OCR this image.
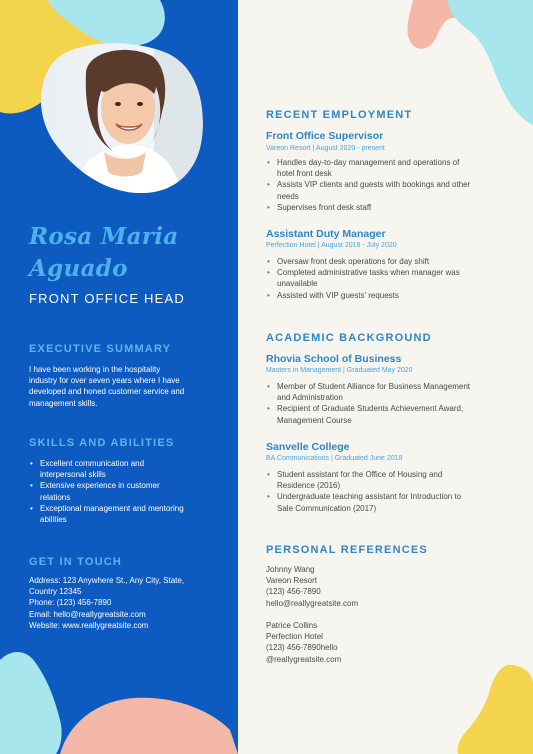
Rosa Maria
Aguado
FRONT OFFICE HEAD
EXECUTIVE SUMMARY
I have been working in the hospitality
industry for over seven years where I have
developed and honed customer service and
management skills.
SKILLS AND ABILITIES
• Excellent communication and
interpersonal skills
• Extensive experience in customer
relations
• Exceptional management and mentoring
abilities
GET IN TOUCH
Address: 123 Anywhere St., Any City, State,
Country 12345
Phone: (123) 456-7890
Email: hello@reallygreatsite.com
Website: www.reallygreatsite.com
RECENT EMPLOYMENT
Front Office Supervisor
Vareon Resort | August 2020 - present
• Handles day-to-day management and operations of
hotel front desk
• Assists VIP clients and guests with bookings and other
needs
• Supervises front desk staff
Assistant Duty Manager
Perfection Hotel | August 2018 - July 2020
• Oversaw front desk operations for day shift
• Completed administrative tasks when manager was
unavailable
• Assisted with VIP guests' requests
ACADEMIC BACKGROUND
Rhovia School of Business
Masters in Management | Graduated May 2020
• Member of Student Alliance for Business Management
and Administration
• Recipient of Graduate Students Achievement Award,
Management Course
Sanvelle College
BA Communications | Graduated June 2018
• Student assistant for the Office of Housing and
Residence (2016)
• Undergraduate teaching assistant for Introduction to
Sale Communication (2017)
PERSONAL REFERENCES
Johnny Wang
Vareon Resort
(123) 456-7890
hello@reallygreatsite.com
Patrice Collins
Perfection Hotel
(123) 456-7890hello
@reallygreatsite.com
